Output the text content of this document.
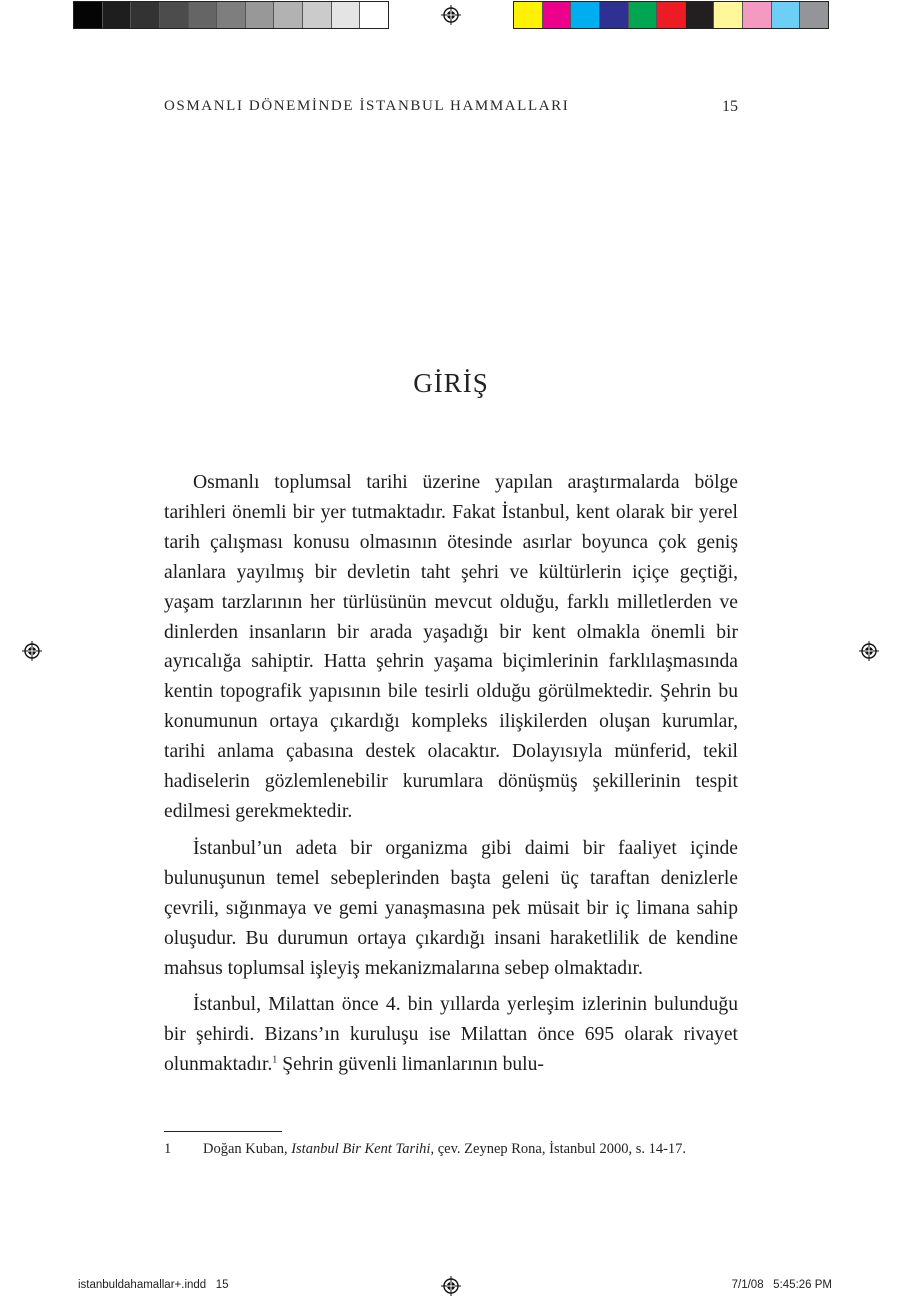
OSMANLI DÖNEMİNDE İSTANBUL HAMMALLARI	15
GİRİŞ

Osmanlı toplumsal tarihi üzerine yapılan araştırmalarda bölge tarihleri önemli bir yer tutmaktadır. Fakat İstanbul, kent olarak bir yerel tarih çalışması konusu olmasının ötesinde asırlar boyunca çok geniş alanlara yayılmış bir devletin taht şehri ve kültürlerin içiçe geçtiği, yaşam tarzlarının her türlüsünün mevcut olduğu, farklı milletlerden ve dinlerden insanların bir arada yaşadığı bir kent olmakla önemli bir ayrıcalığa sahiptir. Hatta şehrin yaşama biçimlerinin farklılaşmasında kentin topografik yapısının bile tesirli olduğu görülmektedir. Şehrin bu konumunun ortaya çıkardığı kompleks ilişkilerden oluşan kurumlar, tarihi anlama çabasına destek olacaktır. Dolayısıyla münferid, tekil hadiselerin gözlemlenebilir kurumlara dönüşmüş şekillerinin tespit edilmesi gerekmektedir.

İstanbul’un adeta bir organizma gibi daimi bir faaliyet içinde bulunuşunun temel sebeplerinden başta geleni üç taraftan denizlerle çevrili, sığınmaya ve gemi yanaşmasına pek müsait bir iç limana sahip oluşudur. Bu durumun ortaya çıkardığı insani haraketlilik de kendine mahsus toplumsal işleyiş mekanizmalarına sebep olmaktadır.

İstanbul, Milattan önce 4. bin yıllarda yerleşim izlerinin bulunduğu bir şehirdi. Bizans’ın kuruluşu ise Milattan önce 695 olarak rivayet olunmaktadır.$^1$ Şehrin güvenli limanlarının bulu-

1 Doğan Kuban, Istanbul Bir Kent Tarihi, çev. Zeynep Rona, İstanbul 2000, s. 14-17.
istanbuldahamallar+.indd   15	7/1/08   5:45:26 PM
